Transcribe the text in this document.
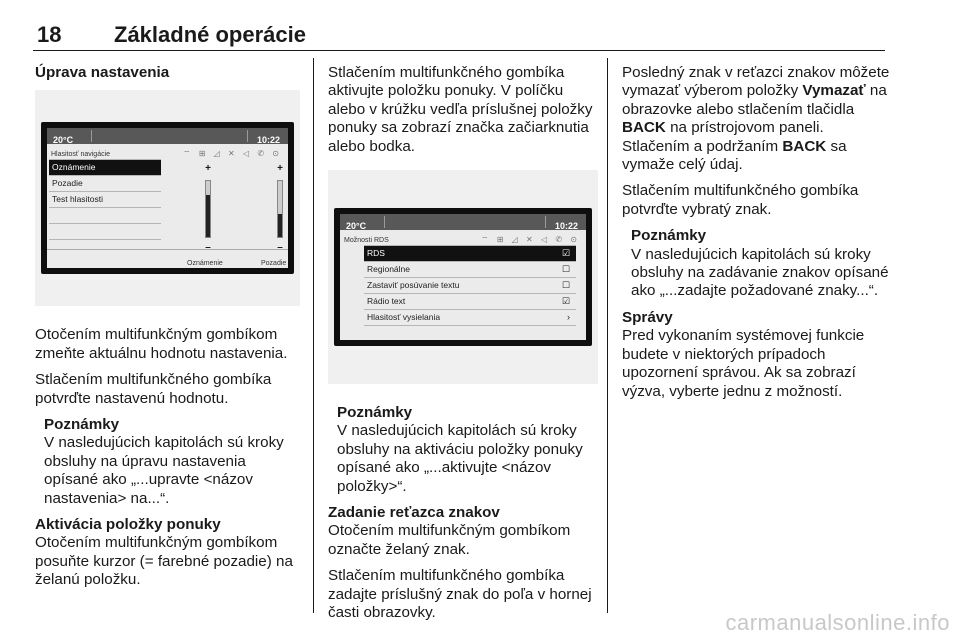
18 Základné operácie

Úprava nastavenia

20°C	10:22
Hlasitosť navigácie	⌔ ⊞ ◿ ✕ ◁ ✆ ⊙
Oznámenie
Pozadie
Test hlasitosti
+
–
+
–
Oznámenie	Pozadie

Otočením multifunkčným gombíkom zmeňte aktuálnu hodnotu nastavenia.

Stlačením multifunkčného gombíka potvrďte nastavenú hodnotu.

Poznámky
V nasledujúcich kapitolách sú kroky obsluhy na úpravu nastavenia opísané ako „...upravte <názov nastavenia> na...“.

Aktivácia položky ponuky

Otočením multifunkčným gombíkom posuňte kurzor (= farebné pozadie) na želanú položku.

Stlačením multifunkčného gombíka aktivujte položku ponuky. V políčku alebo v krúžku vedľa príslušnej položky ponuky sa zobrazí značka začiarknutia alebo bodka.

20°C	10:22
Možnosti RDS	⌔ ⊞ ◿ ✕ ◁ ✆ ⊙
RDS	☑
Regionálne	☐
Zastaviť posúvanie textu	☐
Rádio text	☑
Hlasitosť vysielania	›
Poznámky
V nasledujúcich kapitolách sú kroky obsluhy na aktiváciu položky ponuky opísané ako „...aktivujte <názov položky>“.

Zadanie reťazca znakov

Otočením multifunkčným gombíkom označte želaný znak.

Stlačením multifunkčného gombíka zadajte príslušný znak do poľa v hornej časti obrazovky.

Posledný znak v reťazci znakov môžete vymazať výberom položky Vymazať na obrazovke alebo stlačením tlačidla BACK na prístrojovom paneli. Stlačením a podržaním BACK sa vymaže celý údaj.

Stlačením multifunkčného gombíka potvrďte vybratý znak.

Poznámky
V nasledujúcich kapitolách sú kroky obsluhy na zadávanie znakov opísané ako „...zadajte požadované znaky...“.

Správy

Pred vykonaním systémovej funkcie budete v niektorých prípadoch upozornení správou. Ak sa zobrazí výzva, vyberte jednu z možností.

carmanualsonline.info
